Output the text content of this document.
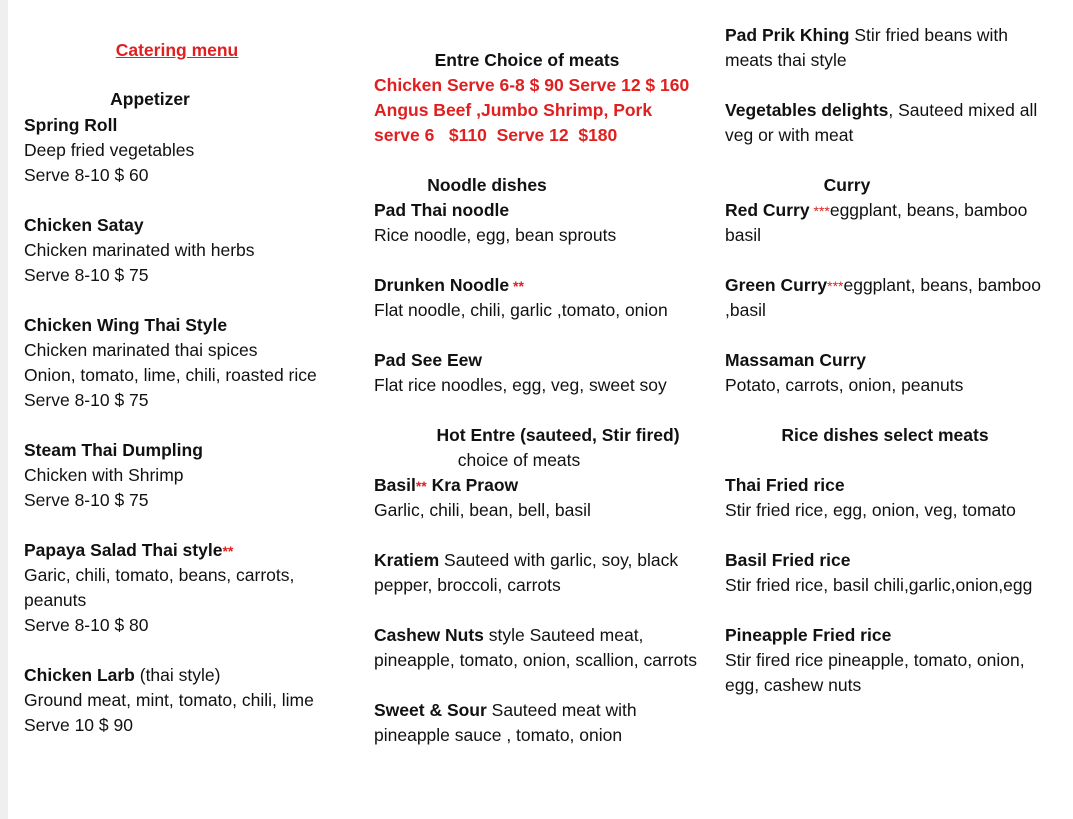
Catering menu
Appetizer
Spring Roll
Deep fried vegetables
Serve 8-10 $ 60
Chicken Satay
Chicken marinated with herbs
Serve 8-10 $ 75
Chicken Wing Thai Style
Chicken marinated thai spices
Onion, tomato, lime, chili, roasted rice
Serve 8-10 $ 75
Steam Thai Dumpling
Chicken with Shrimp
Serve 8-10 $ 75
Papaya Salad Thai style**
Garic, chili, tomato, beans, carrots,
peanuts
Serve 8-10 $ 80
Chicken Larb (thai style)
Ground meat, mint, tomato, chili, lime
Serve 10 $ 90
Entre Choice of meats
Chicken Serve 6-8 $ 90 Serve 12 $ 160
Angus Beef ,Jumbo Shrimp, Pork
serve 6   $110  Serve 12  $180
Noodle dishes
Pad Thai noodle
Rice noodle, egg, bean sprouts
Drunken Noodle **
Flat noodle, chili, garlic ,tomato, onion
Pad See Eew
Flat rice noodles, egg, veg, sweet soy
Hot Entre (sauteed, Stir fired)
choice of meats
Basil** Kra Praow
Garlic, chili, bean, bell, basil
Kratiem Sauteed with garlic, soy, black
pepper, broccoli, carrots
Cashew Nuts style Sauteed meat,
pineapple, tomato, onion, scallion, carrots
Sweet & Sour Sauteed meat with
pineapple sauce , tomato, onion
Pad Prik Khing Stir fried beans with
meats thai style
Vegetables delights, Sauteed mixed all
veg or with meat
Curry
Red Curry ***eggplant, beans, bamboo
basil
Green Curry***eggplant, beans, bamboo
,basil
Massaman Curry
Potato, carrots, onion, peanuts
Rice dishes select meats
Thai Fried rice
Stir fried rice, egg, onion, veg, tomato
Basil Fried rice
Stir fried rice, basil chili,garlic,onion,egg
Pineapple Fried rice
Stir fired rice pineapple, tomato, onion,
egg, cashew nuts
